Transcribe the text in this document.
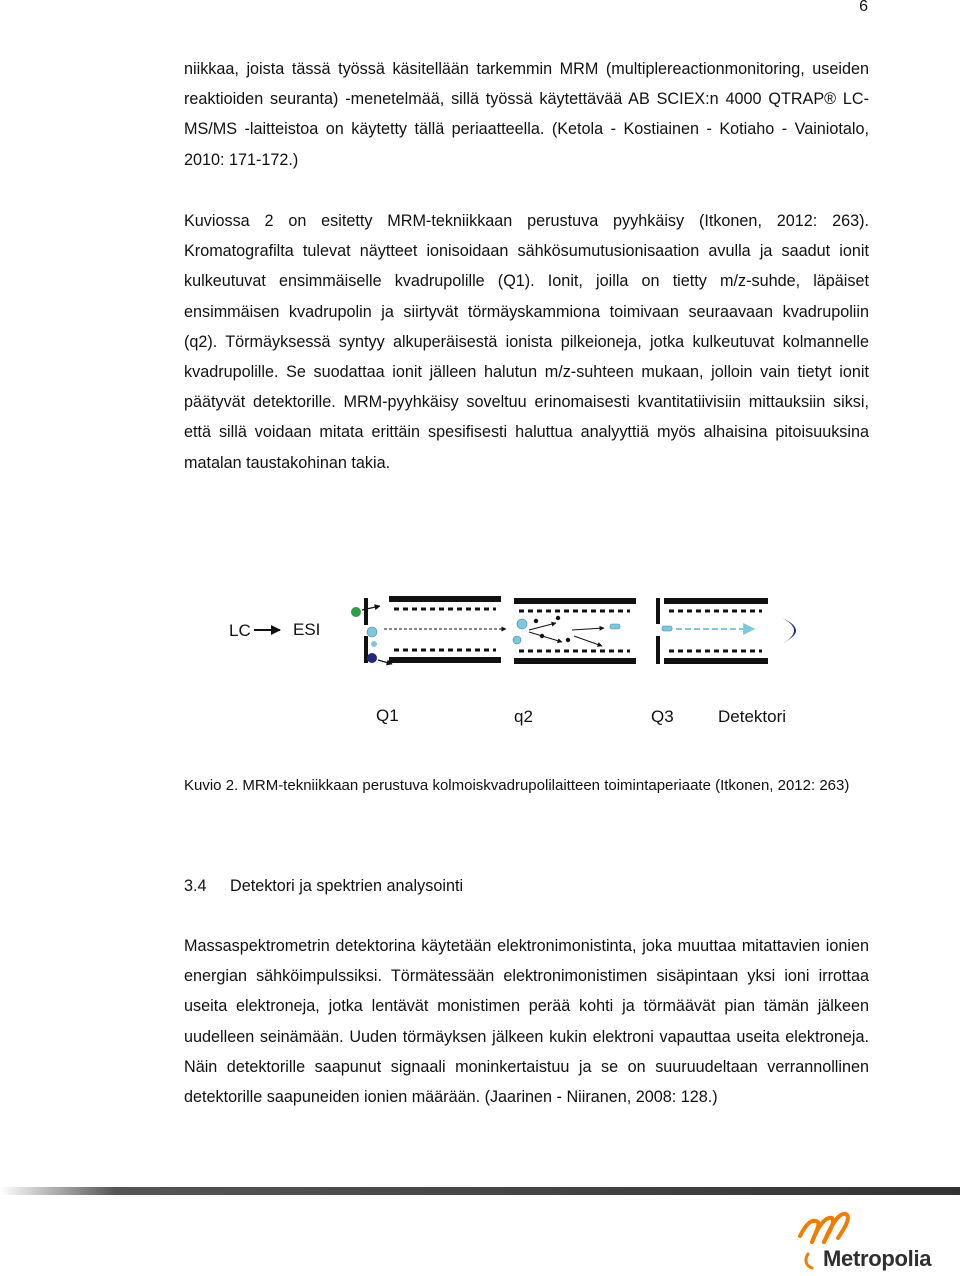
6

niikkaa, joista tässä työssä käsitellään tarkemmin MRM (multiplereactionmonitoring, useiden reaktioiden seuranta) -menetelmää, sillä työssä käytettävää AB SCIEX:n 4000 QTRAP® LC-MS/MS -laitteistoa on käytetty tällä periaatteella. (Ketola - Kostiainen - Kotiaho - Vainiotalo, 2010: 171-172.)

Kuviossa 2 on esitetty MRM-tekniikkaan perustuva pyyhkäisy (Itkonen, 2012: 263). Kromatografilta tulevat näytteet ionisoidaan sähkösumutusionisaation avulla ja saadut ionit kulkeutuvat ensimmäiselle kvadrupolille (Q1). Ionit, joilla on tietty m/z-suhde, läpäiset ensimmäisen kvadrupolin ja siirtyvät törmäyskammiona toimivaan seuraavaan kvadrupoliin (q2). Törmäyksessä syntyy alkuperäisestä ionista pilkeioneja, jotka kulkeutuvat kolmannelle kvadrupolille. Se suodattaa ionit jälleen halutun m/z-suhteen mukaan, jolloin vain tietyt ionit päätyvät detektorille. MRM-pyyhkäisy soveltuu erinomaisesti kvantitatiivisiin mittauksiin siksi, että sillä voidaan mitata erittäin spesifisesti haluttua analyyttiä myös alhaisina pitoisuuksina matalan taustakohinan takia.

LC ESI
Q1	q2	Q3	Detektori

Kuvio 2. MRM-tekniikkaan perustuva kolmoiskvadrupolilaitteen toimintaperiaate (Itkonen, 2012: 263)

3.4 Detektori ja spektrien analysointi

Massaspektrometrin detektorina käytetään elektronimonistinta, joka muuttaa mitattavien ionien energian sähköimpulssiksi. Törmätessään elektronimonistimen sisäpintaan yksi ioni irrottaa useita elektroneja, jotka lentävät monistimen perää kohti ja törmäävät pian tämän jälkeen uudelleen seinämään. Uuden törmäyksen jälkeen kukin elektroni vapauttaa useita elektroneja. Näin detektorille saapunut signaali moninkertaistuu ja se on suuruudeltaan verrannollinen detektorille saapuneiden ionien määrään. (Jaarinen - Niiranen, 2008: 128.)

Metropolia
